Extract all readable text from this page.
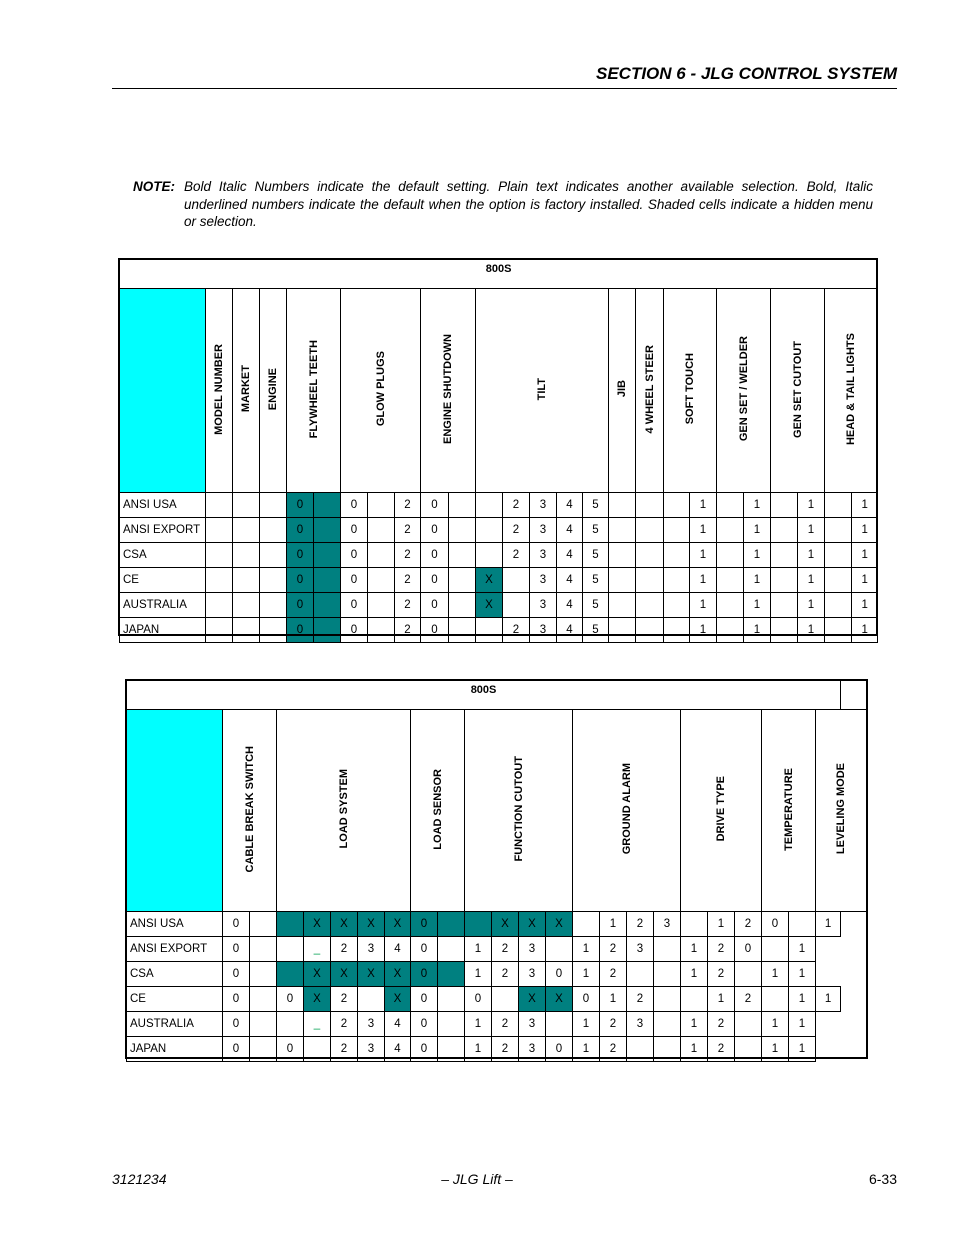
SECTION 6 - JLG CONTROL SYSTEM
NOTE: Bold Italic Numbers indicate the default setting. Plain text indicates another available selection. Bold, Italic underlined numbers indicate the default when the option is factory installed. Shaded cells indicate a hidden menu or selection.
800S																									
	MODEL NUMBER	MARKET	ENGINE	FLYWHEEL TEETH		GLOW PLUGS			ENGINE SHUTDOWN		TILT					JIB	4 WHEEL STEER	SOFT TOUCH		GEN SET / WELDER		GEN SET CUTOUT		HEAD & TAIL LIGHTS	
ANSI USA				0		0		2	0			2	3	4	5				1		1		1		1
ANSI EXPORT				0		0		2	0			2	3	4	5				1		1		1		1
CSA				0		0		2	0			2	3	4	5				1		1		1		1
CE				0		0		2	0		X		3	4	5				1		1		1		1
AUSTRALIA				0		0		2	0		X		3	4	5				1		1		1		1
JAPAN				0		0		2	0			2	3	4	5				1		1		1		1
800S																							
	CABLE BREAK SWITCH		LOAD SYSTEM					LOAD SENSOR		FUNCTION CUTOUT				GROUND ALARM				DRIVE TYPE			TEMPERATURE		LEVELING MODE
ANSI USA	0			X	X	X	X	0			X	X	X		1	2	3		1	2	0		1
ANSI EXPORT	0			_	2	3	4	0		1	2	3		1	2	3		1	2	0		1	
CSA	0			X	X	X	X	0		1	2	3	0	1	2			1	2		1	1	
CE	0		0	X	2		X	0		0		X	X	0	1	2			1	2		1	1
AUSTRALIA	0			_	2	3	4	0		1	2	3		1	2	3		1	2		1	1	
JAPAN	0		0		2	3	4	0		1	2	3	0	1	2			1	2		1	1	
3121234	– JLG Lift –	6-33
